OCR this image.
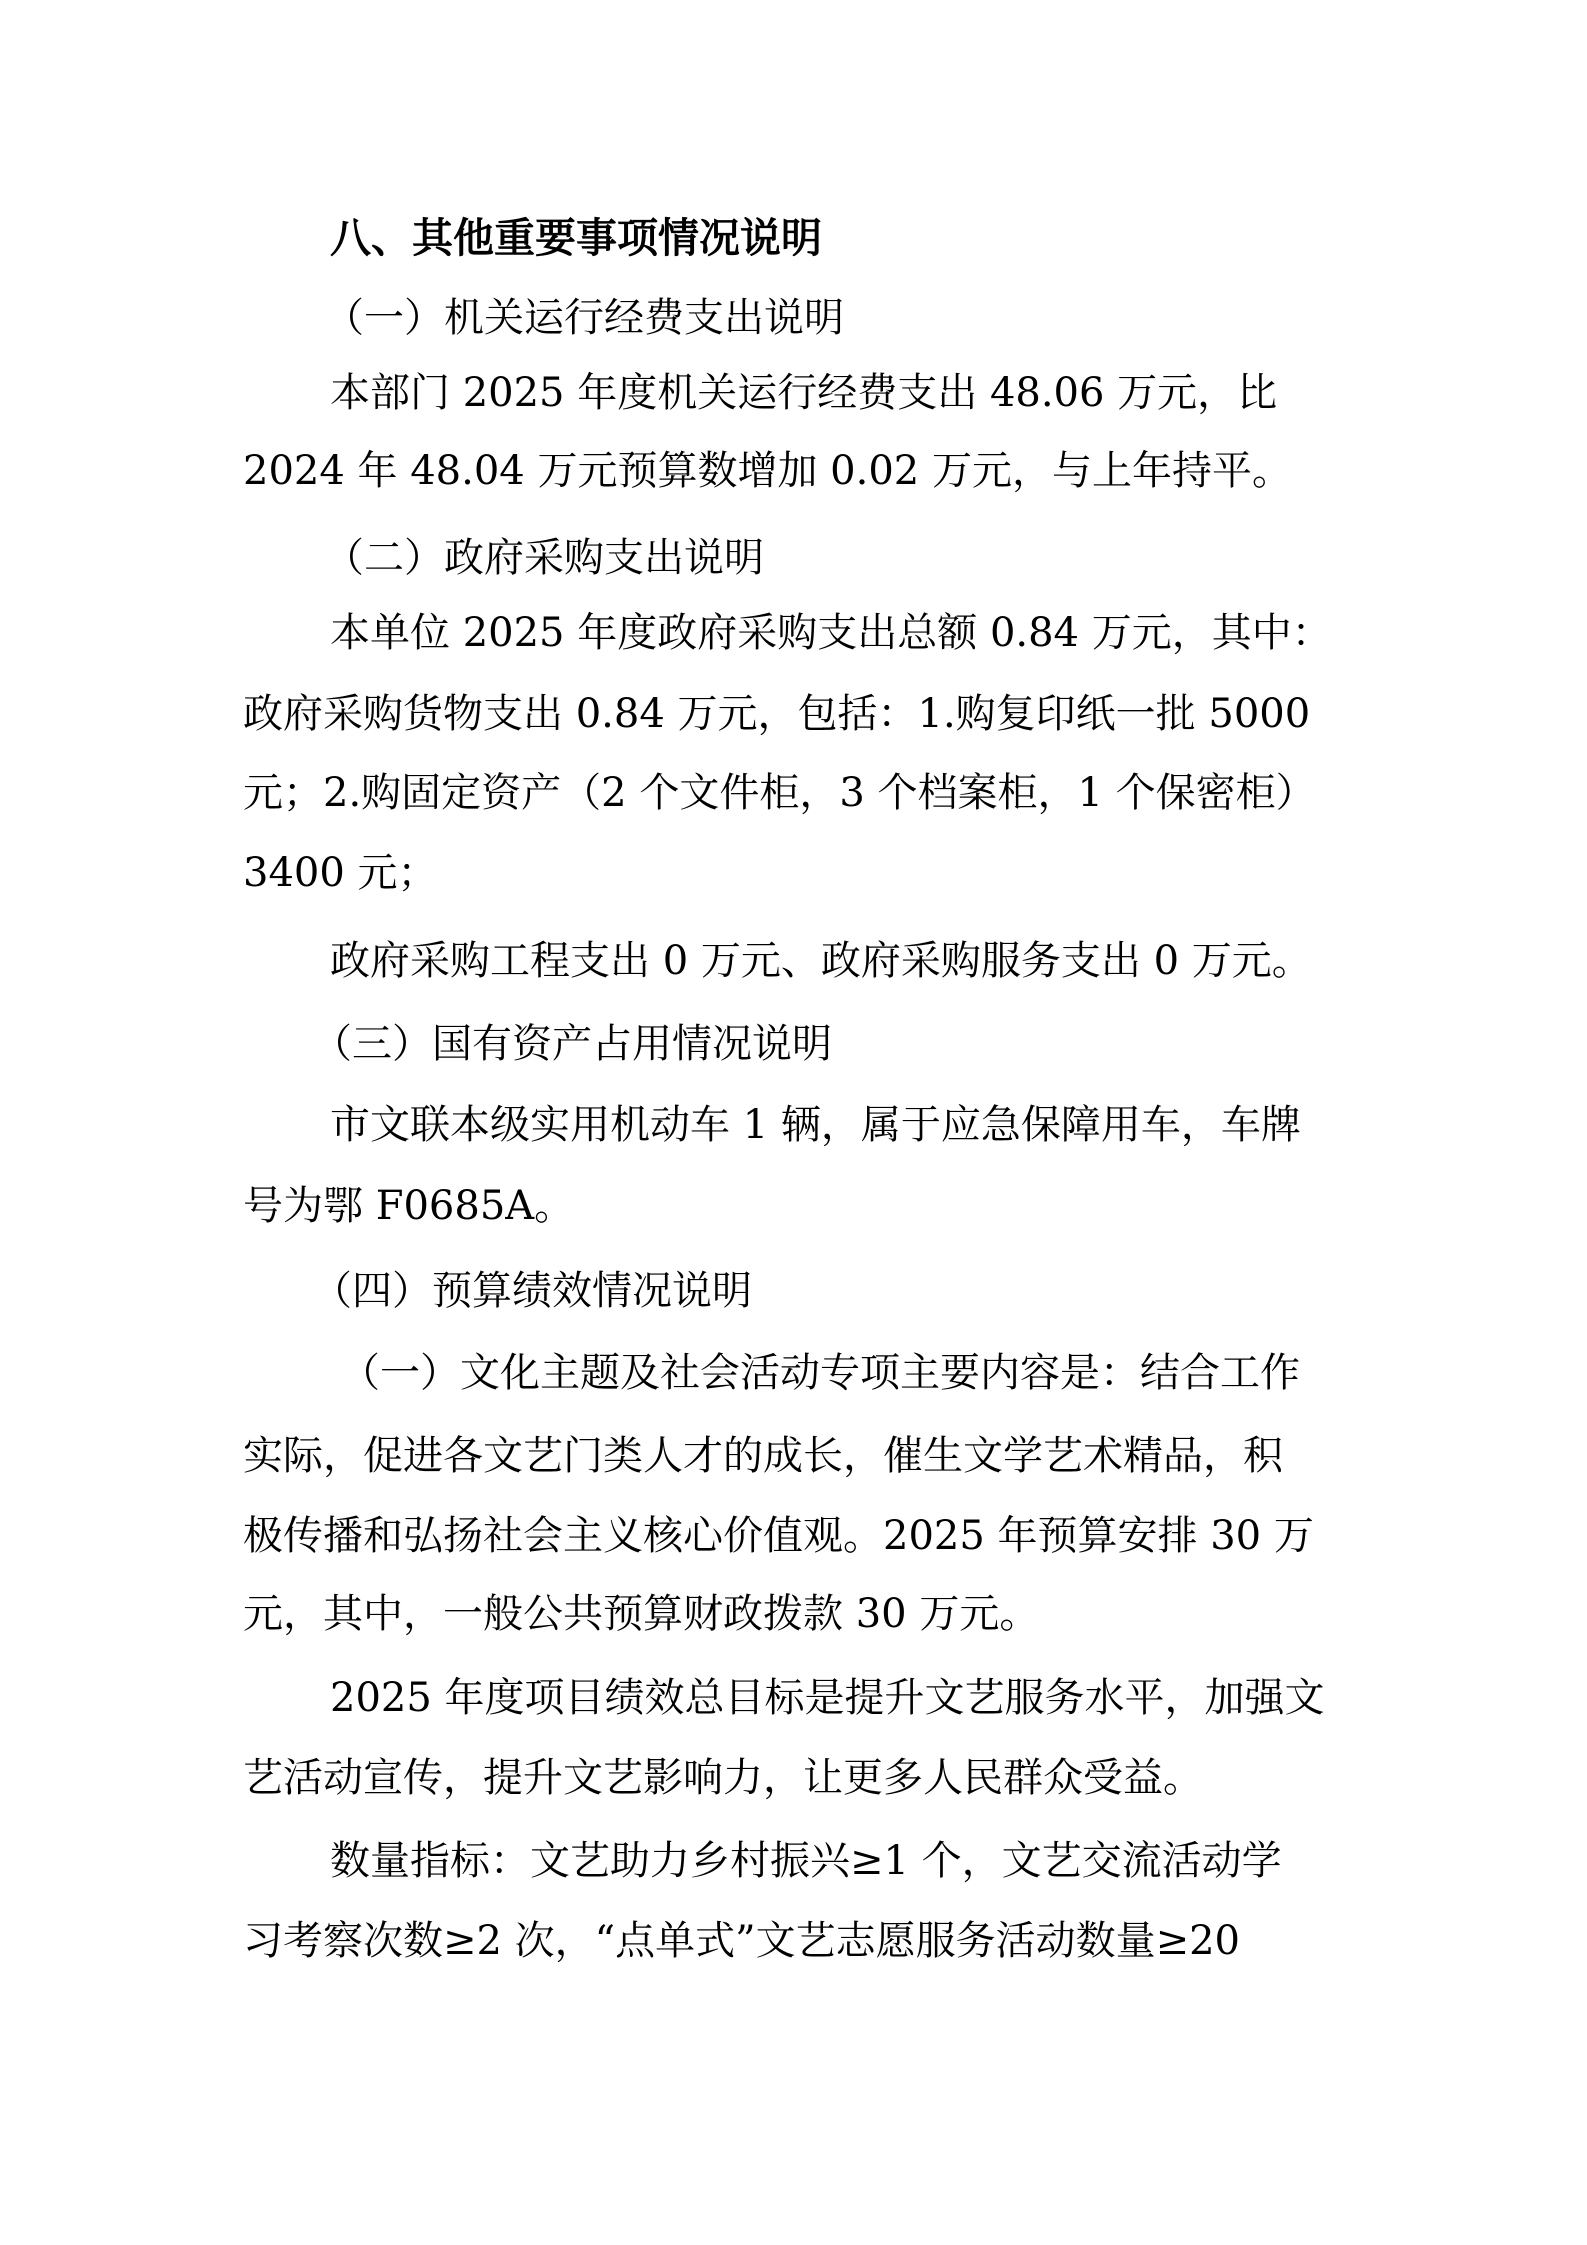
八、其他重要事项情况说明
（一）机关运行经费支出说明
本部门 2025 年度机关运行经费支出 48.06 万元，比
2024 年 48.04 万元预算数增加 0.02 万元，与上年持平。
（二）政府采购支出说明
本单位 2025 年度政府采购支出总额 0.84 万元，其中：
政府采购货物支出 0.84 万元，包括：1.购复印纸一批 5000
元；2.购固定资产（2 个文件柜，3 个档案柜，1 个保密柜）
3400 元；
政府采购工程支出 0 万元、政府采购服务支出 0 万元。
（三）国有资产占用情况说明
市文联本级实用机动车 1 辆，属于应急保障用车，车牌
号为鄂 F0685A。
（四）预算绩效情况说明
（一）文化主题及社会活动专项主要内容是：结合工作
实际，促进各文艺门类人才的成长，催生文学艺术精品，积
极传播和弘扬社会主义核心价值观。2025 年预算安排 30 万
元，其中，一般公共预算财政拨款 30 万元。
2025 年度项目绩效总目标是提升文艺服务水平，加强文
艺活动宣传，提升文艺影响力，让更多人民群众受益。
数量指标：文艺助力乡村振兴≥1 个，文艺交流活动学
习考察次数≥2 次，“点单式”文艺志愿服务活动数量≥20
